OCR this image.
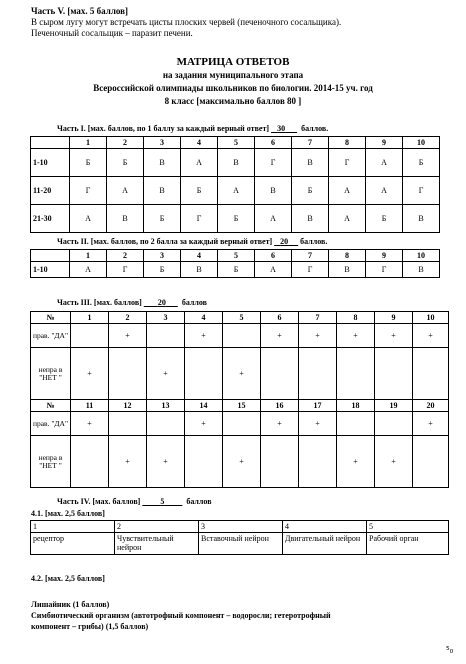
Часть V. [мах. 5 баллов]
В сыром лугу могут встречать цисты плоских червей (печеночного сосальщика).
Печеночный сосальщик – паразит печени.
МАТРИЦА ОТВЕТОВ
на задания муниципального этапа
Всероссийской олимпиады школьников по биологии. 2014-15 уч. год
8 класс [максимально баллов 80 ]
Часть I. [мах. баллов, по 1 баллу за каждый верный ответ]    30 баллов.
	1	2	3	4	5	6	7	8	9	10
1-10	Б	Б	В	А	В	Г	В	Г	А	Б
11-20	Г	А	В	Б	А	В	Б	А	А	Г
21-30	А	В	Б	Г	Б	А	В	А	Б	В
Часть II. [мах. баллов, по 2 балла за каждый верный ответ]    20 баллов.
	1	2	3	4	5	6	7	8	9	10
1-10	А	Г	Б	В	Б	А	Г	В	Г	В
Часть III. [мах. баллов]        20 баллов
№	1	2	3	4	5	6	7	8	9	10
прав. "ДА"		+		+		+	+	+	+	+
непра в "НЕТ "	+		+		+					
№	11	12	13	14	15	16	17	18	19	20
прав. "ДА"	+			+		+	+			+
непра в "НЕТ "		+	+		+			+	+	
Часть IV. [мах. баллов]          5	баллов
4.1. [мах. 2,5 баллов]
1	2	3	4	5
рецептор	Чувствительный нейрон	Вставочный нейрон	Двигательный нейрон	Рабочий орган
4.2. [мах. 2,5 баллов]
Лишайник (1 баллов)
Симбиотический организм (автотрофный компонент – водоросли; гетеротрофный
компонент – грибы) (1,5 баллов)
⁵₀
